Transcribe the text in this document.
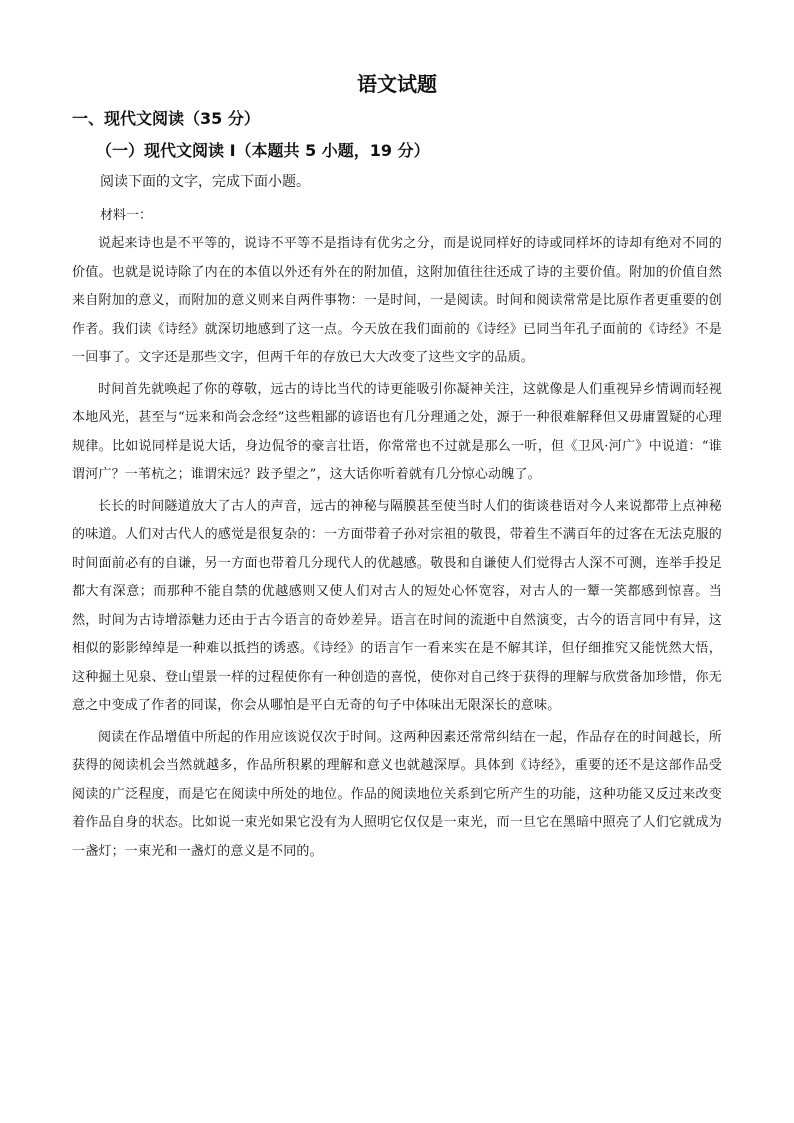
语文试题
一、现代文阅读（35 分）
（一）现代文阅读 I（本题共 5 小题，19 分）
阅读下面的文字，完成下面小题。
材料一：

说起来诗也是不平等的，说诗不平等不是指诗有优劣之分，而是说同样好的诗或同样坏的诗却有绝对不同的价值。也就是说诗除了内在的本值以外还有外在的附加值，这附加值往往还成了诗的主要价值。附加的价值自然来自附加的意义，而附加的意义则来自两件事物：一是时间，一是阅读。时间和阅读常常是比原作者更重要的创作者。我们读《诗经》就深切地感到了这一点。今天放在我们面前的《诗经》已同当年孔子面前的《诗经》不是一回事了。文字还是那些文字，但两千年的存放已大大改变了这些文字的品质。

时间首先就唤起了你的尊敬，远古的诗比当代的诗更能吸引你凝神关注，这就像是人们重视异乡情调而轻视本地风光，甚至与“远来和尚会念经”这些粗鄙的谚语也有几分理通之处，源于一种很难解释但又毋庸置疑的心理规律。比如说同样是说大话，身边侃爷的豪言壮语，你常常也不过就是那么一听，但《卫风·河广》中说道：“谁谓河广？一苇杭之；谁谓宋远？跂予望之”，这大话你听着就有几分惊心动魄了。

长长的时间隧道放大了古人的声音，远古的神秘与隔膜甚至使当时人们的街谈巷语对今人来说都带上点神秘的味道。人们对古代人的感觉是很复杂的：一方面带着子孙对宗祖的敬畏，带着生不满百年的过客在无法克服的时间面前必有的自谦，另一方面也带着几分现代人的优越感。敬畏和自谦使人们觉得古人深不可测，连举手投足都大有深意；而那种不能自禁的优越感则又使人们对古人的短处心怀宽容，对古人的一颦一笑都感到惊喜。当然，时间为古诗增添魅力还由于古今语言的奇妙差异。语言在时间的流逝中自然演变，古今的语言同中有异，这相似的影影绰绰是一种难以抵挡的诱惑。《诗经》的语言乍一看来实在是不解其详，但仔细推究又能恍然大悟，这种掘土见泉、登山望景一样的过程使你有一种创造的喜悦，使你对自己终于获得的理解与欣赏备加珍惜，你无意之中变成了作者的同谋，你会从哪怕是平白无奇的句子中体味出无限深长的意味。

阅读在作品增值中所起的作用应该说仅次于时间。这两种因素还常常纠结在一起，作品存在的时间越长，所获得的阅读机会当然就越多，作品所积累的理解和意义也就越深厚。具体到《诗经》，重要的还不是这部作品受阅读的广泛程度，而是它在阅读中所处的地位。作品的阅读地位关系到它所产生的功能，这种功能又反过来改变着作品自身的状态。比如说一束光如果它没有为人照明它仅仅是一束光，而一旦它在黑暗中照亮了人们它就成为一盏灯；一束光和一盏灯的意义是不同的。
